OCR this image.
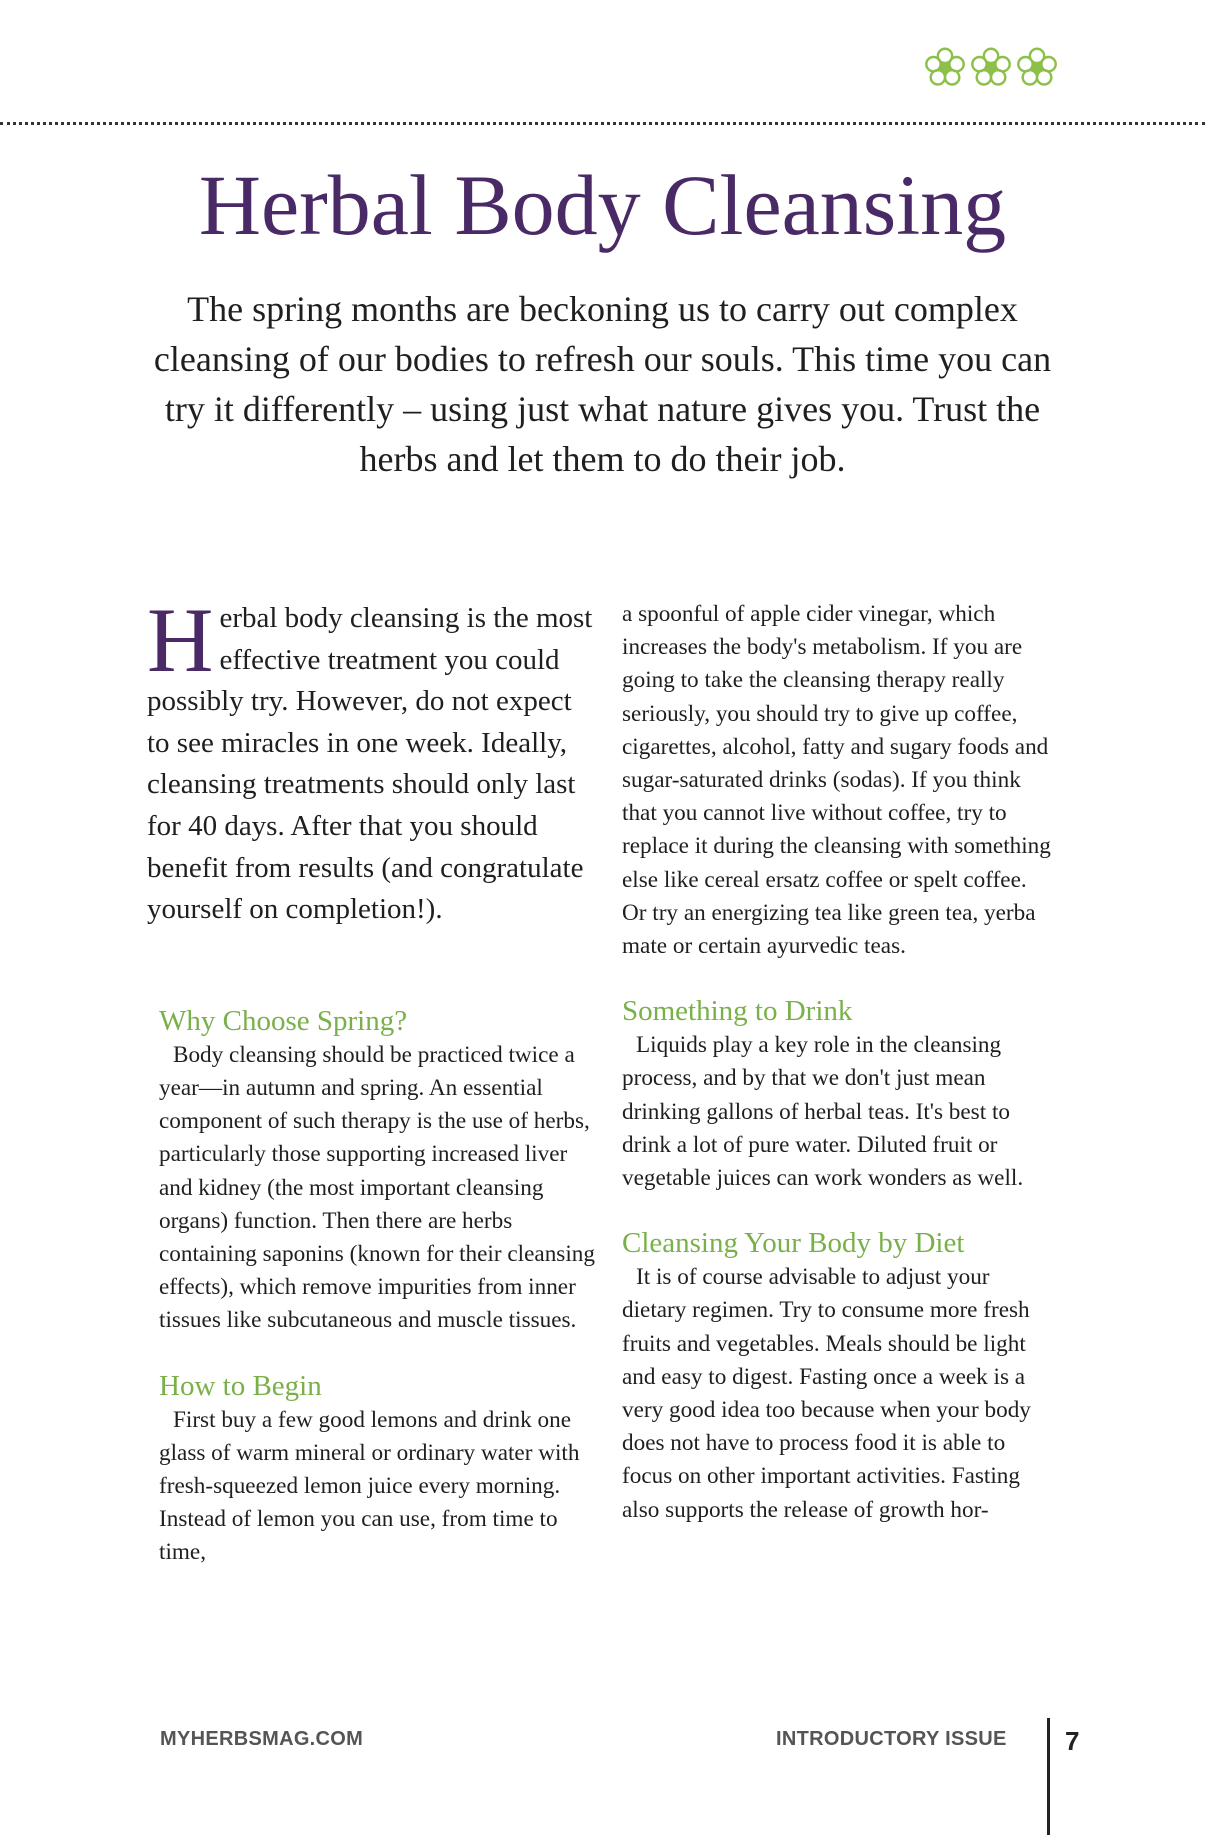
Herbal Body Cleansing

The spring months are beckoning us to carry out complex cleansing of our bodies to refresh our souls. This time you can try it differently – using just what nature gives you. Trust the herbs and let them to do their job.

Herbal body cleansing is the most effective treatment you could possibly try. However, do not expect to see miracles in one week. Ideally, cleansing treatments should only last for 40 days. After that you should benefit from results (and congratulate yourself on completion!).

Why Choose Spring?

Body cleansing should be practiced twice a year—in autumn and spring. An essential component of such therapy is the use of herbs, particularly those supporting increased liver and kidney (the most important cleansing organs) function. Then there are herbs containing saponins (known for their cleansing effects), which remove impurities from inner tissues like subcutaneous and muscle tissues.

How to Begin

First buy a few good lemons and drink one glass of warm mineral or ordinary water with fresh-squeezed lemon juice every morning. Instead of lemon you can use, from time to time,

a spoonful of apple cider vinegar, which increases the body's metabolism. If you are going to take the cleansing therapy really seriously, you should try to give up coffee, cigarettes, alcohol, fatty and sugary foods and sugar-saturated drinks (sodas). If you think that you cannot live without coffee, try to replace it during the cleansing with something else like cereal ersatz coffee or spelt coffee. Or try an energizing tea like green tea, yerba mate or certain ayurvedic teas.

Something to Drink

Liquids play a key role in the cleansing process, and by that we don't just mean drinking gallons of herbal teas. It's best to drink a lot of pure water. Diluted fruit or vegetable juices can work wonders as well.

Cleansing Your Body by Diet

It is of course advisable to adjust your dietary regimen. Try to consume more fresh fruits and vegetables. Meals should be light and easy to digest. Fasting once a week is a very good idea too because when your body does not have to process food it is able to focus on other important activities. Fasting also supports the release of growth hor-

MYHERBSMAG.COM	INTRODUCTORY ISSUE 7
